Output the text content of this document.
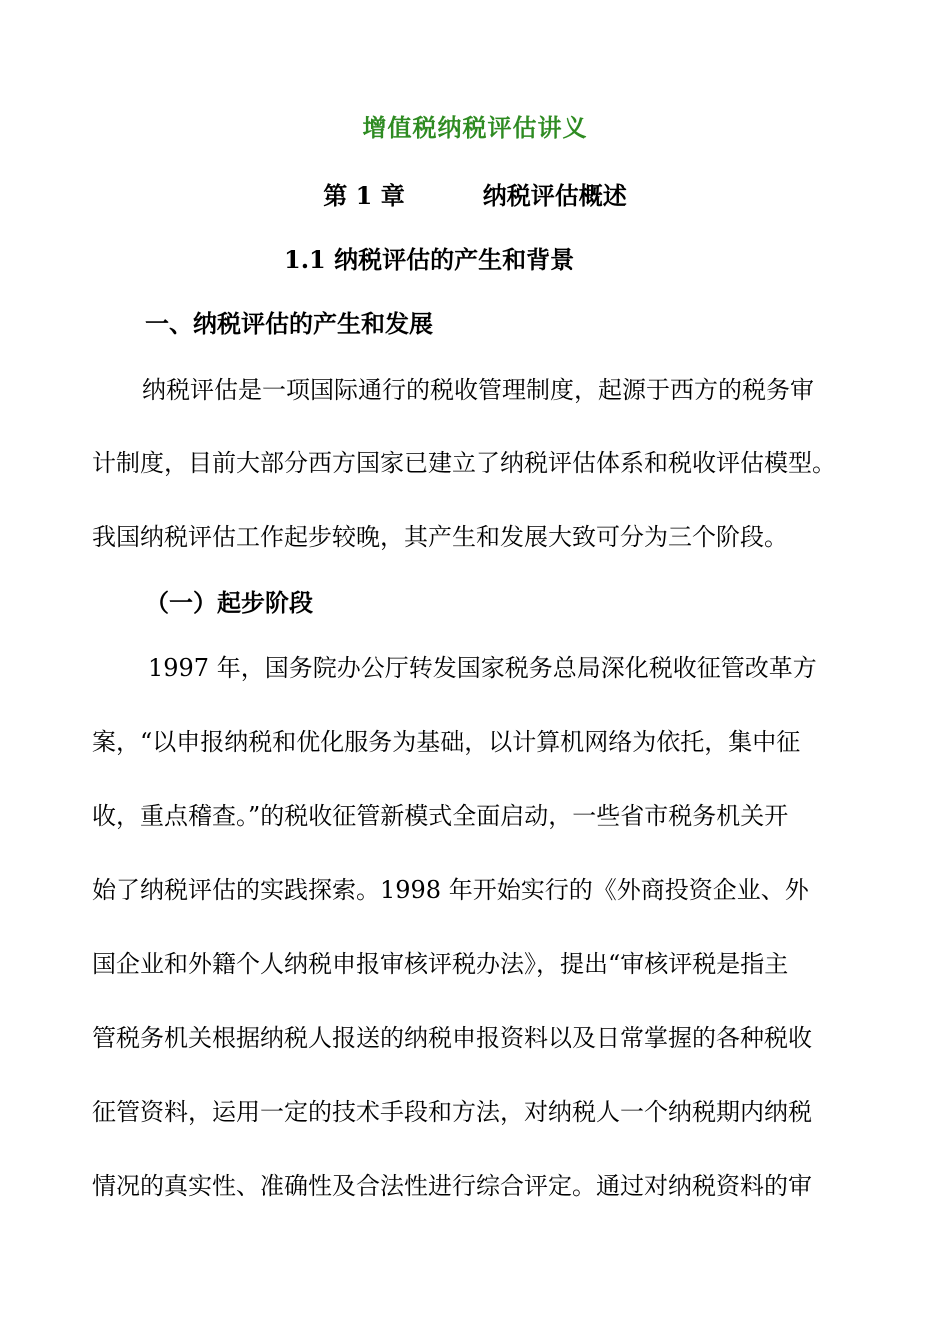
增值税纳税评估讲义
第 1 章	纳税评估概述
1.1 纳税评估的产生和背景
一、纳税评估的产生和发展
纳税评估是一项国际通行的税收管理制度，起源于西方的税务审
计制度，目前大部分西方国家已建立了纳税评估体系和税收评估模型。
我国纳税评估工作起步较晚，其产生和发展大致可分为三个阶段。
（一）起步阶段
1997 年，国务院办公厅转发国家税务总局深化税收征管改革方
案，“以申报纳税和优化服务为基础，以计算机网络为依托，集中征
收，重点稽查。”的税收征管新模式全面启动，一些省市税务机关开
始了纳税评估的实践探索。1998 年开始实行的《外商投资企业、外
国企业和外籍个人纳税申报审核评税办法》，提出“审核评税是指主
管税务机关根据纳税人报送的纳税申报资料以及日常掌握的各种税收
征管资料，运用一定的技术手段和方法，对纳税人一个纳税期内纳税
情况的真实性、准确性及合法性进行综合评定。通过对纳税资料的审
